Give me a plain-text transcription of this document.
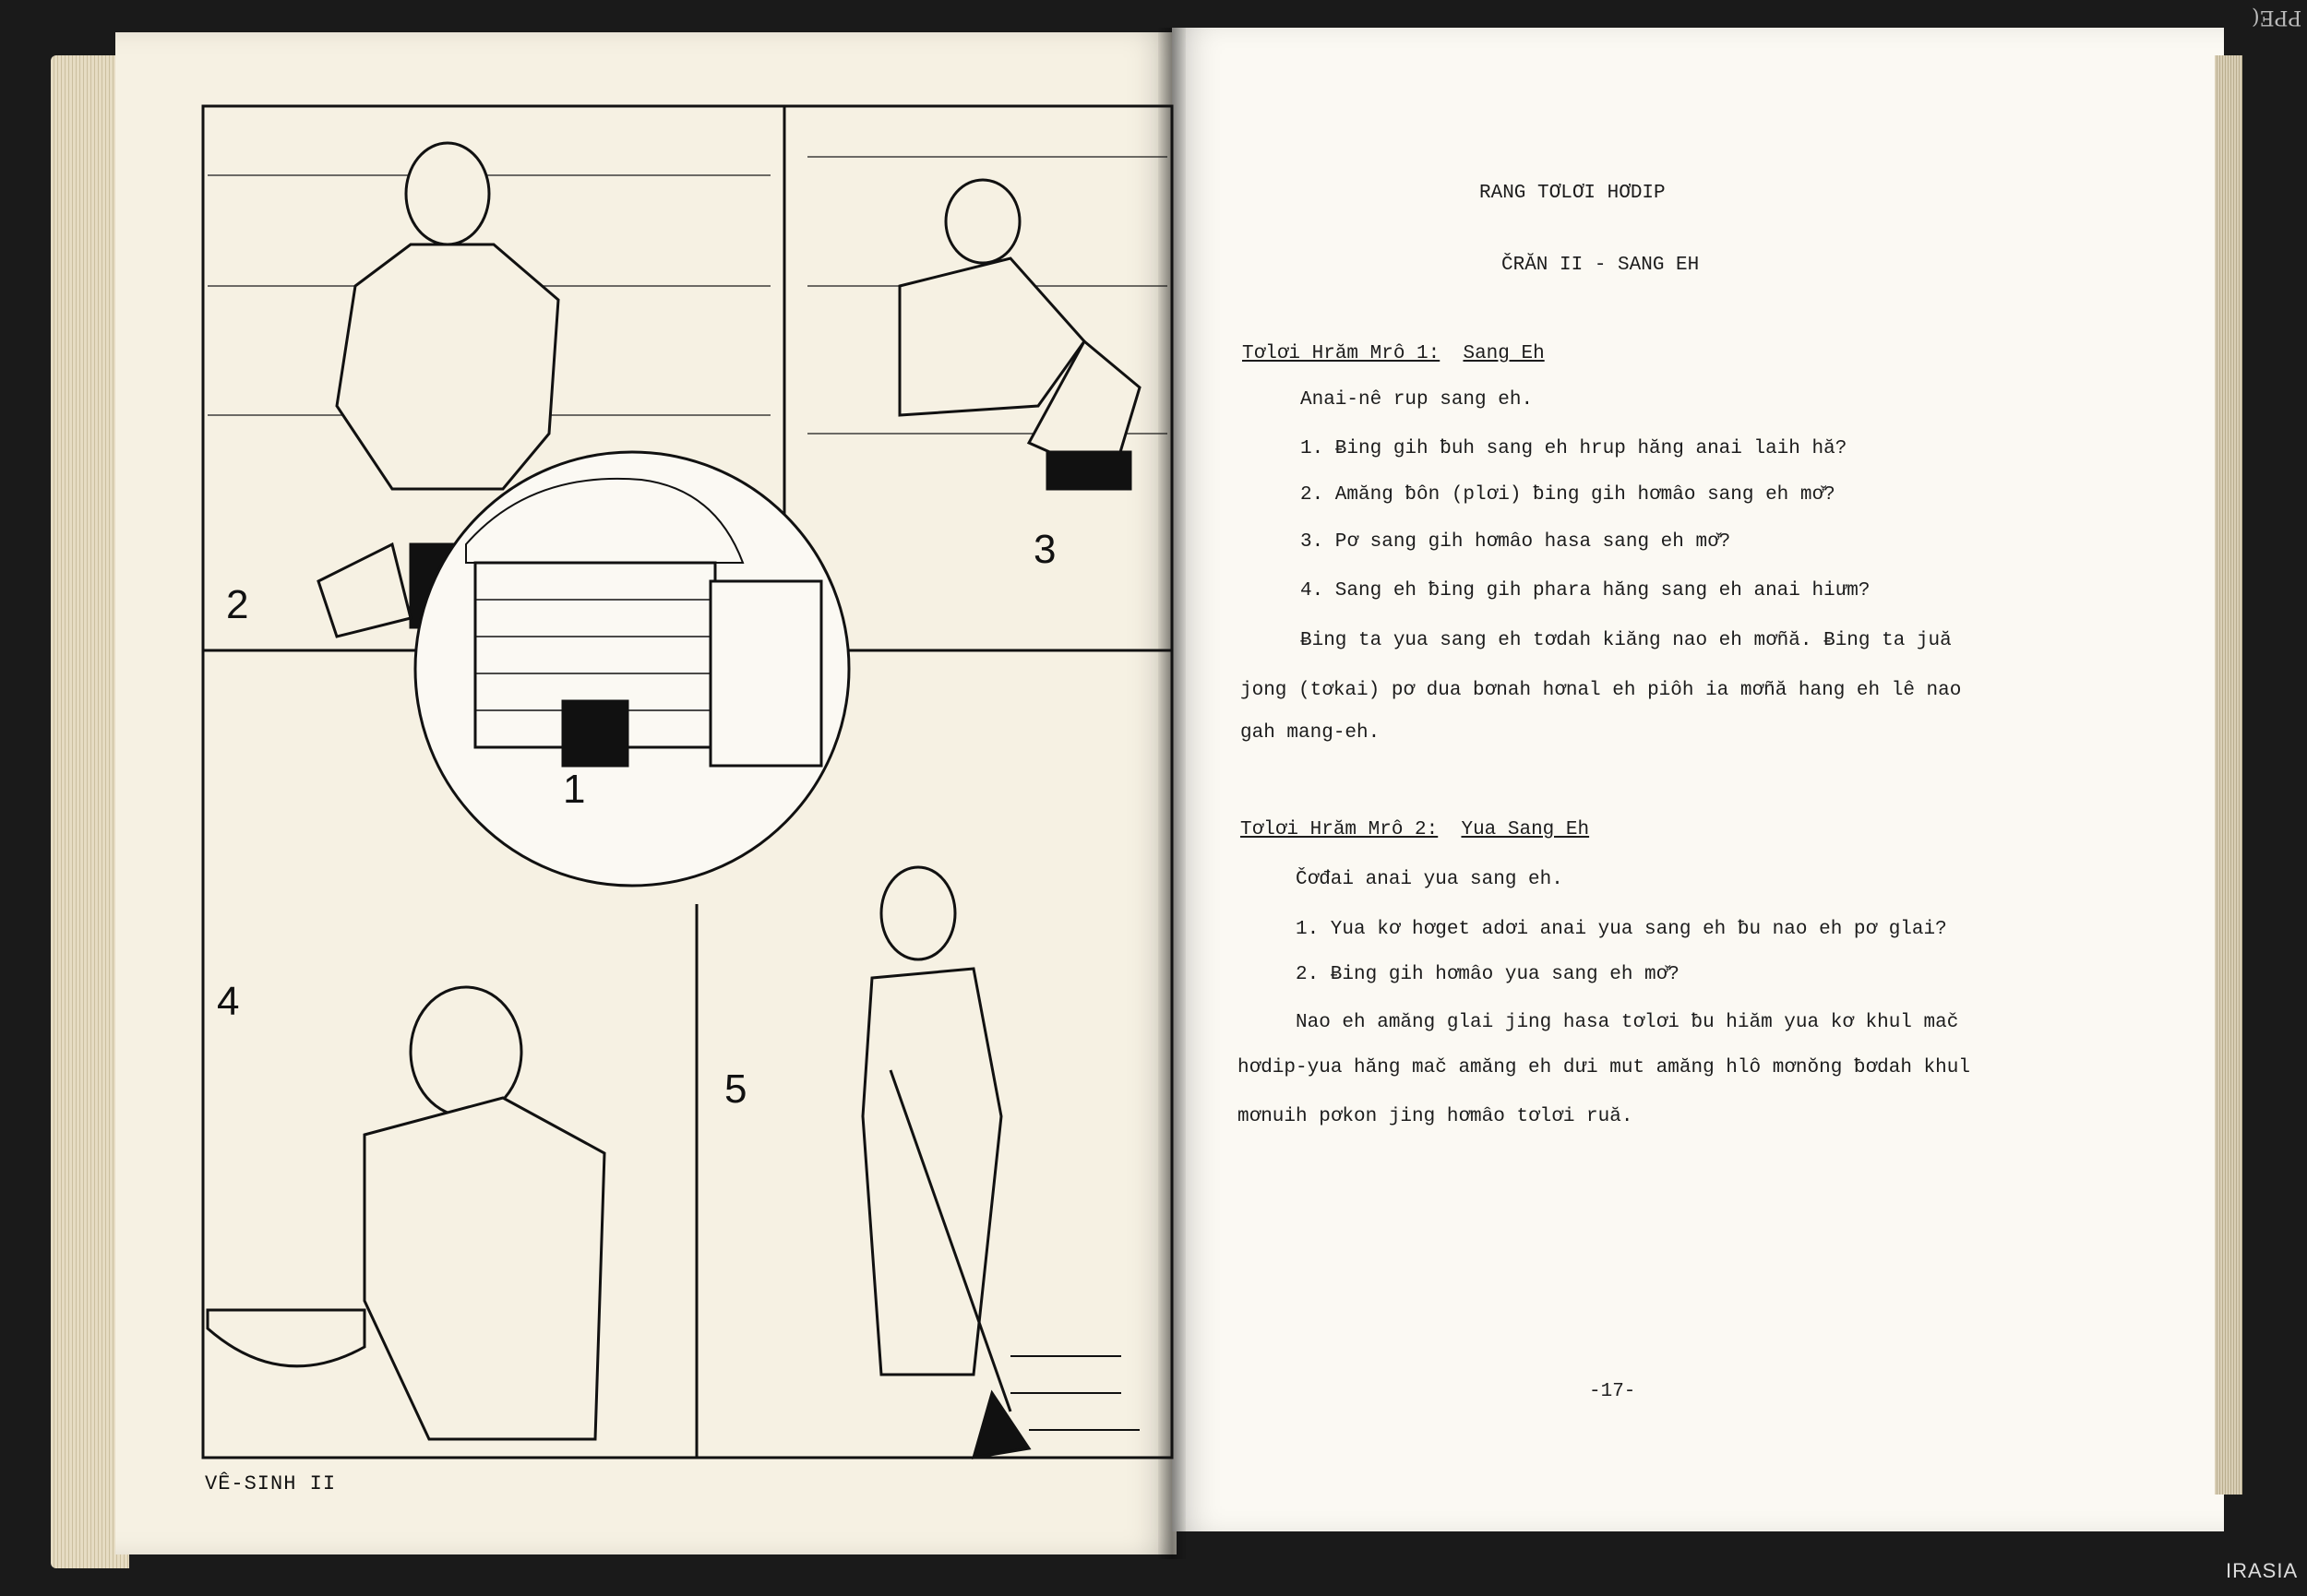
1
2
3
4
5
VÊ-SINH II
RANG TƠLƠI HƠDIP
ČRĂN II - SANG EH
Tơlơi Hrăm Mrô 1: Sang Eh
Anai-nê rup sang eh.
1. Ƀing gih ƀuh sang eh hrup hăng anai laih hă?
2. Amăng ƀôn (plơi) ƀing gih hơmâo sang eh mơ̆?
3. Pơ sang gih hơmâo hasa sang eh mơ̆?
4. Sang eh ƀing gih phara hăng sang eh anai hiưm?
Ƀing ta yua sang eh tơdah kiăng nao eh mơñă. Ƀing ta juă
jong (tơkai) pơ dua bơnah hơnal eh piôh ia mơñă hang eh lê nao
gah mang-eh.
Tơlơi Hrăm Mrô 2: Yua Sang Eh
Čơđai anai yua sang eh.
1. Yua kơ hơget adơi anai yua sang eh ƀu nao eh pơ glai?
2. Ƀing gih hơmâo yua sang eh mơ̆?
Nao eh amăng glai jing hasa tơlơi ƀu hiăm yua kơ khul mač
hơdip-yua hăng mač amăng eh dưi mut amăng hlô mơnŏng ƀơdah khul
mơnuih pơkon jing hơmâo tơlơi ruă.
-17-
PPE(
IRASIA
